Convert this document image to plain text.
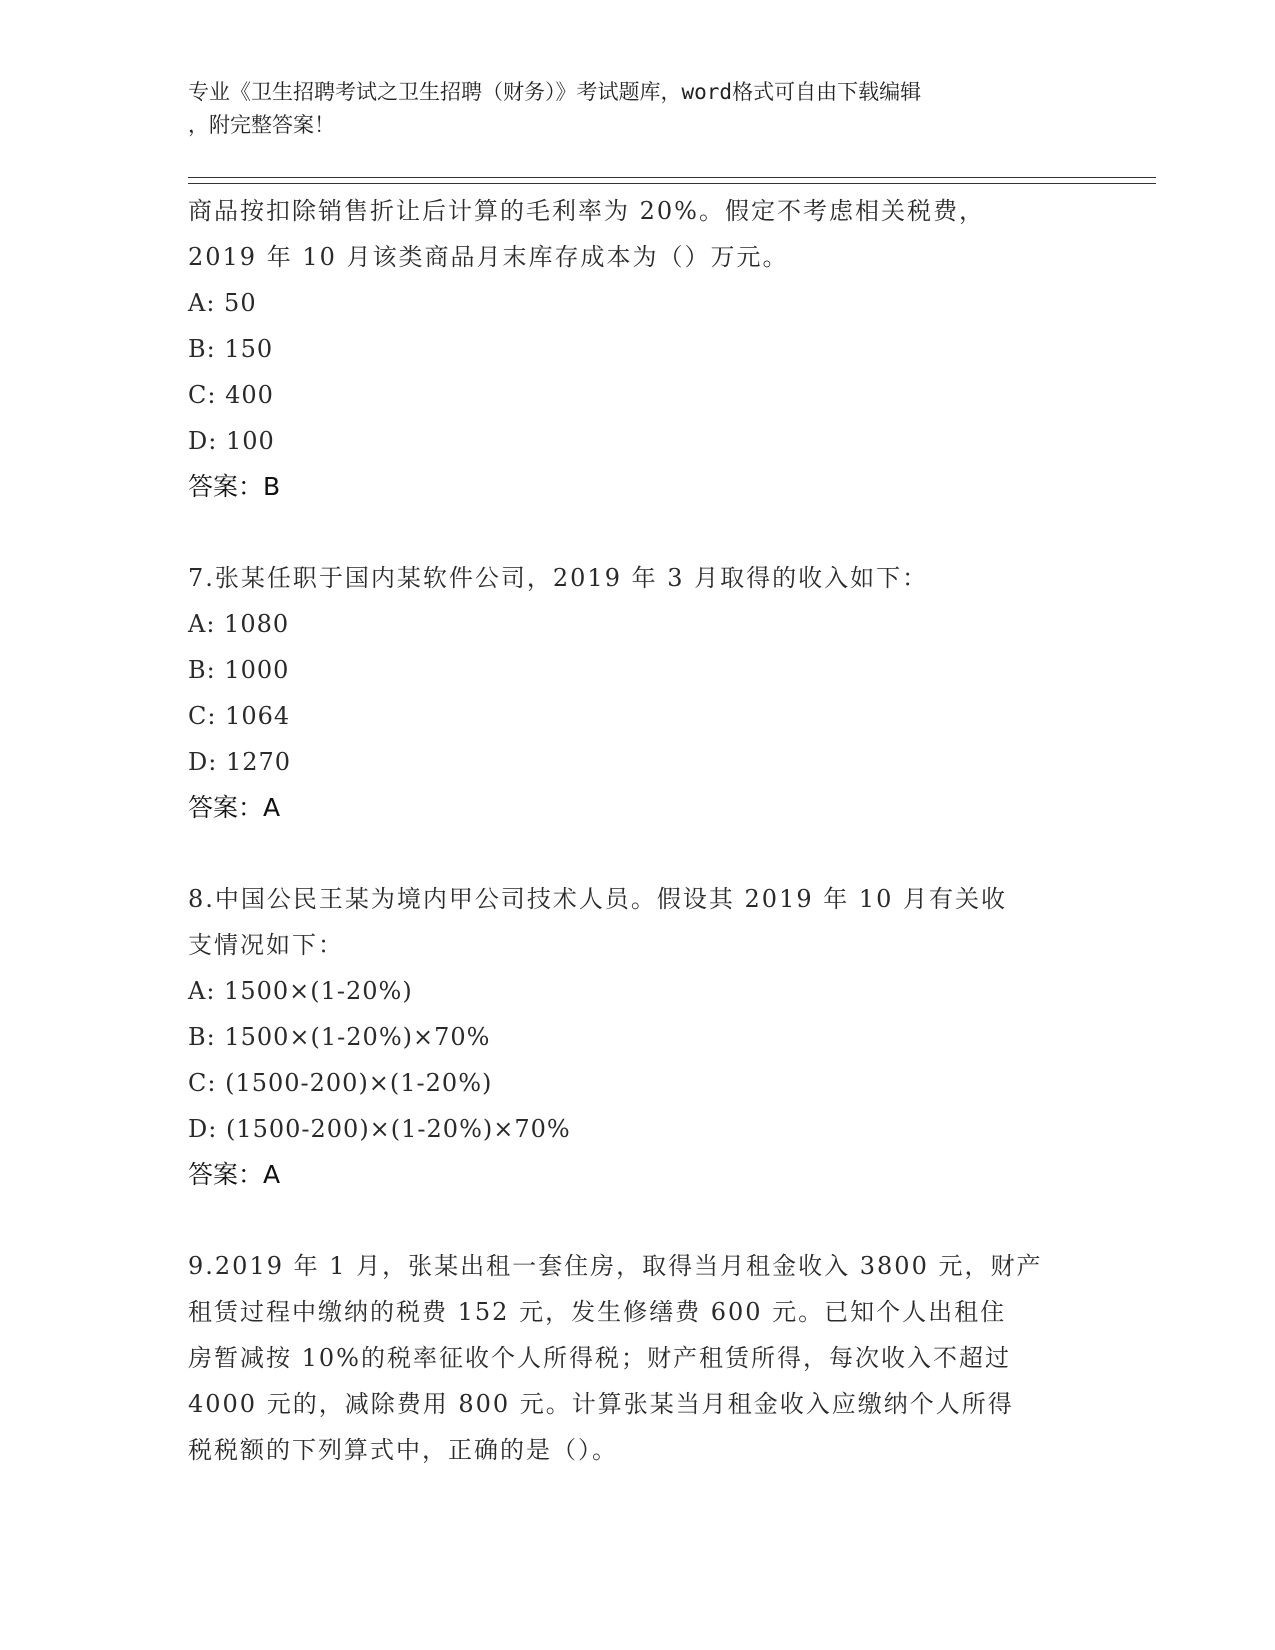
专业《卫生招聘考试之卫生招聘（财务）》考试题库，word格式可自由下载编辑
，附完整答案！
商品按扣除销售折让后计算的毛利率为 20%。假定不考虑相关税费，
2019 年 10 月该类商品月末库存成本为（）万元。
A: 50
B: 150
C: 400
D: 100
答案：B
7.张某任职于国内某软件公司，2019 年 3 月取得的收入如下：
A: 1080
B: 1000
C: 1064
D: 1270
答案：A
8.中国公民王某为境内甲公司技术人员。假设其 2019 年 10 月有关收
支情况如下：
A: 1500×(1-20%)
B: 1500×(1-20%)×70%
C: (1500-200)×(1-20%)
D: (1500-200)×(1-20%)×70%
答案：A
9.2019 年 1 月，张某出租一套住房，取得当月租金收入 3800 元，财产
租赁过程中缴纳的税费 152 元，发生修缮费 600 元。已知个人出租住
房暂减按 10%的税率征收个人所得税；财产租赁所得，每次收入不超过
4000 元的，减除费用 800 元。计算张某当月租金收入应缴纳个人所得
税税额的下列算式中，正确的是（）。
